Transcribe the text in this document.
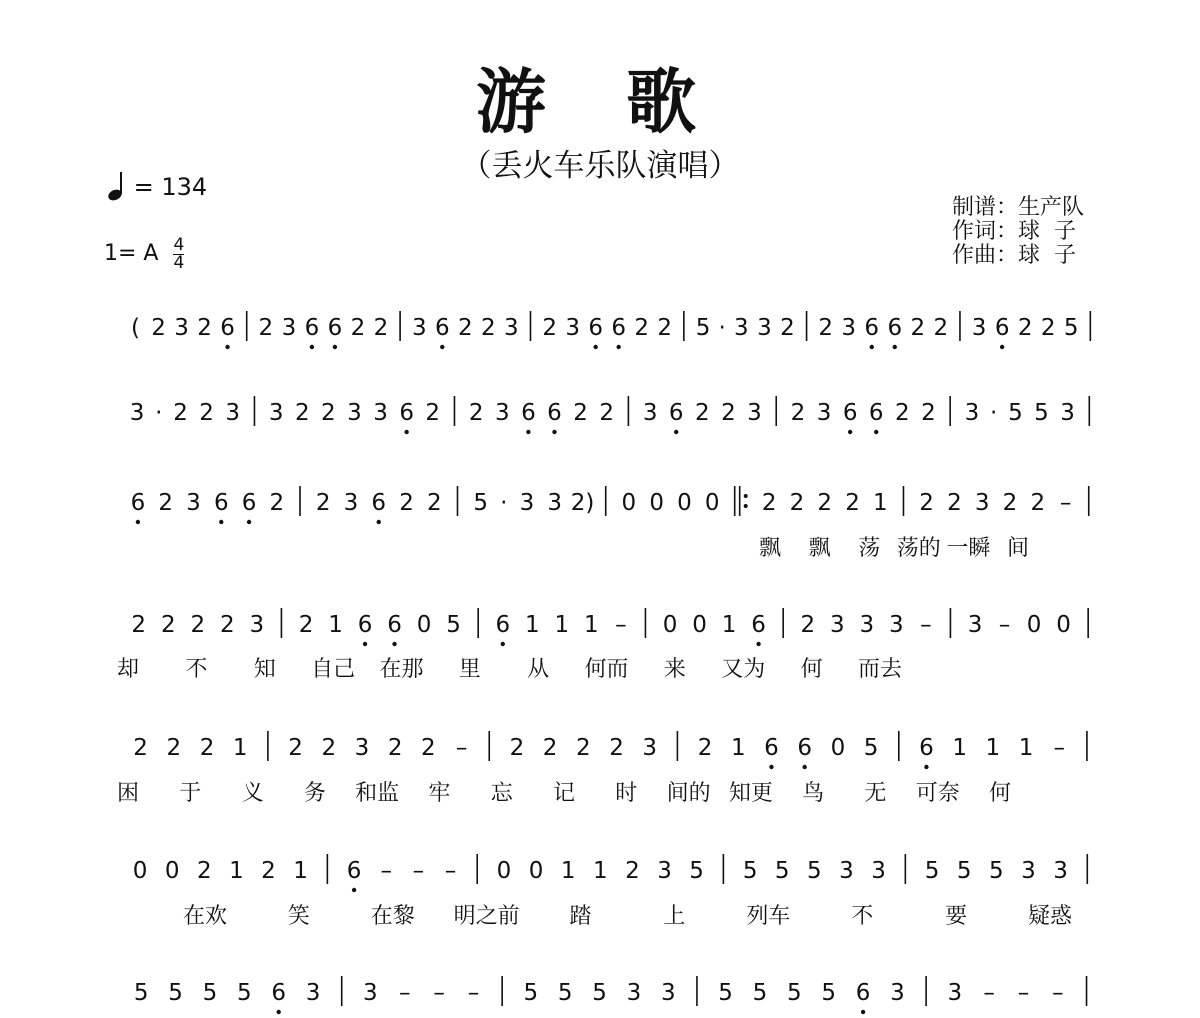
游 歌
（丢火车乐队演唱）
= 134
1= A $\frac{4}{4}$
制谱：生产队
作词：球  子
作曲：球  子
( 2 3 2 6 2 3 6 6 2 2 3 6 2 2 3 2 3 6 6 2 2 5 · 3 3 2 2 3 6 6 2 2 3 6 2 2 5
3 · 2 2 3 3 2 2 3 3 6 2 2 3 6 6 2 2 3 6 2 2 3 2 3 6 6 2 2 3 · 5 5 3
6 2 3 6 6 2 2 3 6 2 2 5 · 3 3 2) 0 0 0 0 2 2 2 2 1 2 2 3 2 2 –
2 2 2 2 3 2 1 6 6 0 5 6 1 1 1 – 0 0 1 6 2 3 3 3 – 3 – 0 0
2 2 2 1 2 2 3 2 2 – 2 2 2 2 3 2 1 6 6 0 5 6 1 1 1 –
0 0 2 1 2 1 6 – – – 0 0 1 1 2 3 5 5 5 5 3 3 5 5 5 3 3
5 5 5 5 6 3 3 – – – 5 5 5 3 3 5 5 5 5 6 3 3 – – –
飘 飘 荡 荡的 一瞬 间
却 不 知 自己 在那 里 从 何而 来 又为 何 而去
困 于 义 务 和监 牢 忘 记 时 间的 知更 鸟 无 可奈 何
在欢	笑	在黎 明之前 踏	上	列车	不	要	疑惑
